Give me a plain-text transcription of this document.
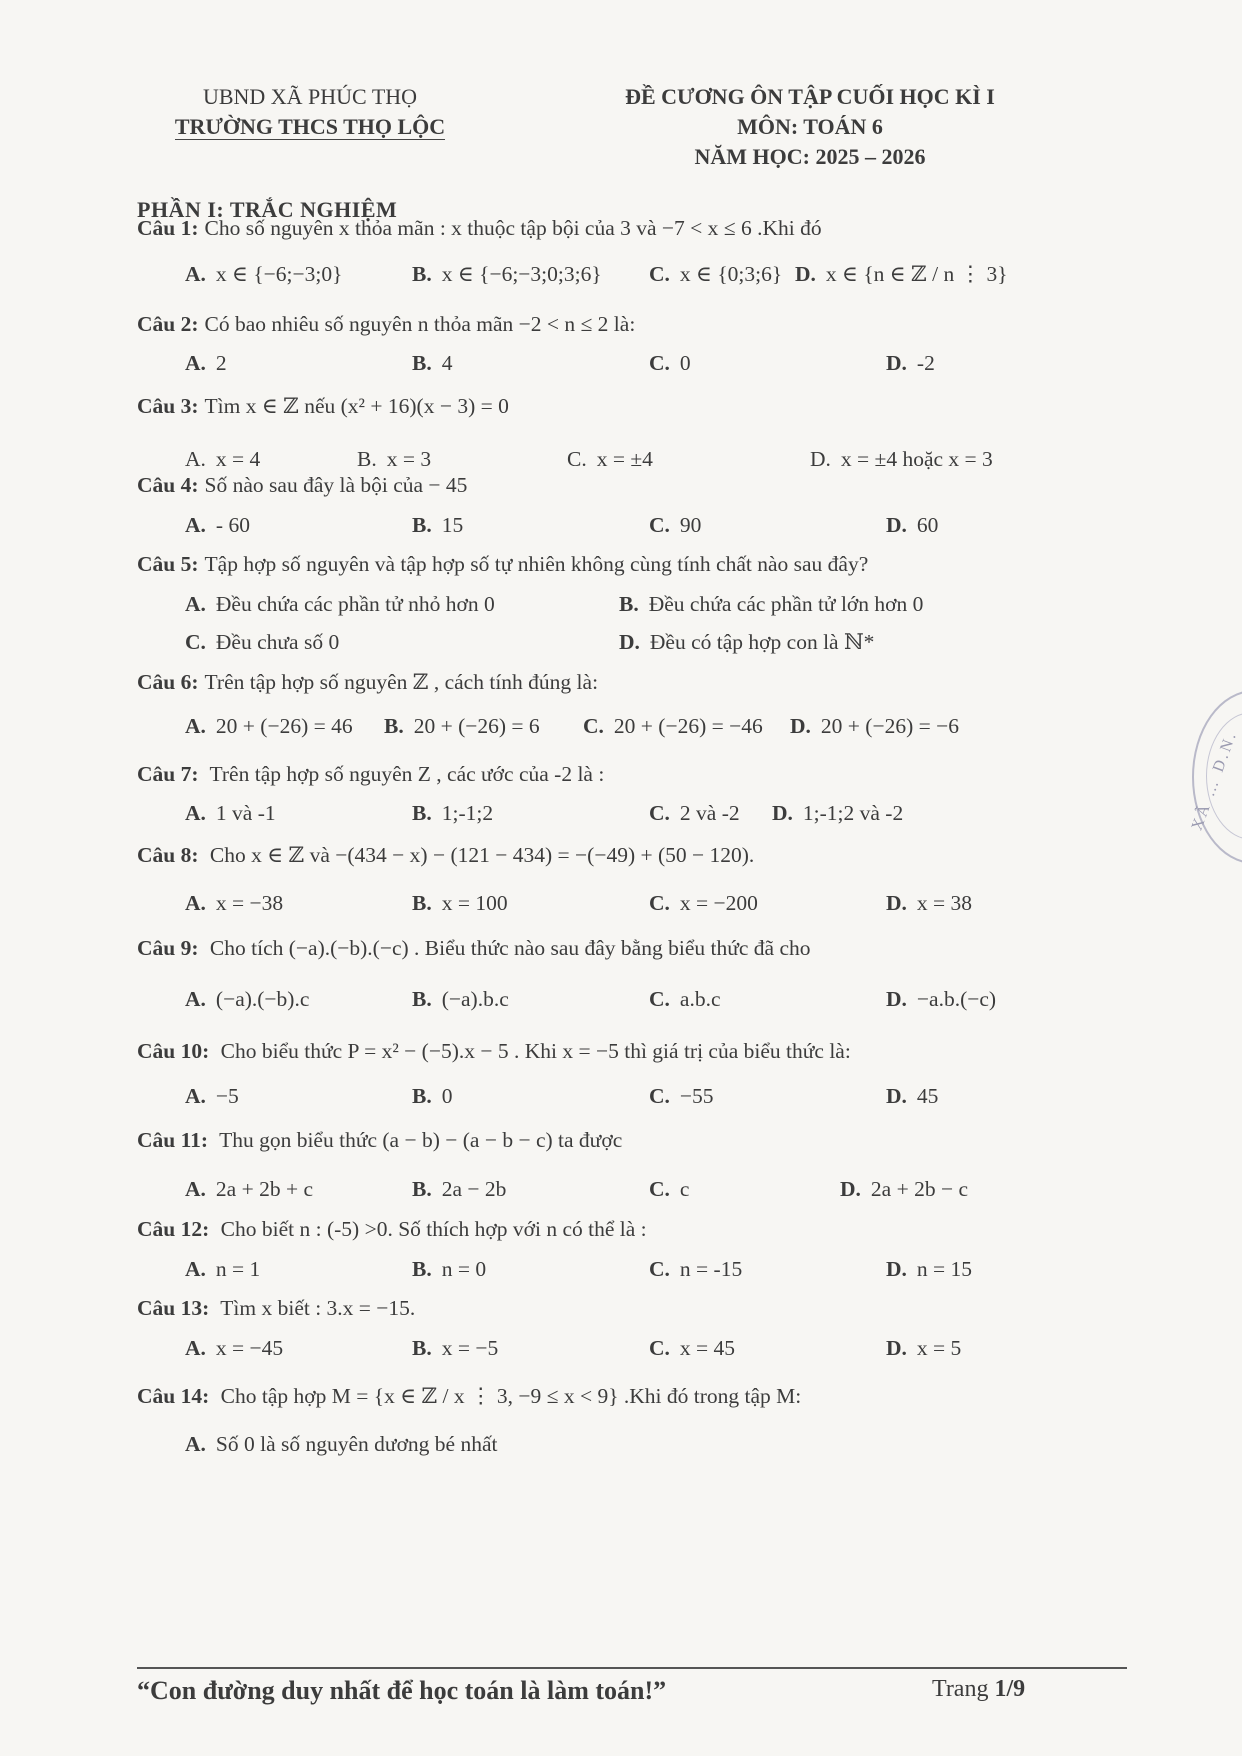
UBND XÃ PHÚC THỌ
TRƯỜNG THCS THỌ LỘC
ĐỀ CƯƠNG ÔN TẬP CUỐI HỌC KÌ I
MÔN: TOÁN 6
NĂM HỌC: 2025 – 2026
PHẦN I: TRẮC NGHIỆM
Câu 1: Cho số nguyên x thỏa mãn : x thuộc tập bội của 3 và −7 < x ≤ 6 .Khi đó
A. x ∈ {−6;−3;0}	B. x ∈ {−6;−3;0;3;6} C. x ∈ {0;3;6} D. x ∈ {n ∈ ℤ / n ⋮ 3}
Câu 2: Có bao nhiêu số nguyên n thỏa mãn −2 < n ≤ 2 là:
A. 2	B. 4	C. 0	D. -2
Câu 3: Tìm x ∈ ℤ nếu (x² + 16)(x − 3) = 0
A. x = 4	B. x = 3	C. x = ±4	D. x = ±4 hoặc x = 3
Câu 4: Số nào sau đây là bội của − 45
A. - 60	B. 15	C. 90	D. 60
Câu 5: Tập hợp số nguyên và tập hợp số tự nhiên không cùng tính chất nào sau đây?
A. Đều chứa các phần tử nhỏ hơn 0	B. Đều chứa các phần tử lớn hơn 0
C. Đều chưa số 0	D. Đều có tập hợp con là ℕ*
Câu 6: Trên tập hợp số nguyên ℤ , cách tính đúng là:
A. 20 + (−26) = 46 B. 20 + (−26) = 6 C. 20 + (−26) = −46 D. 20 + (−26) = −6
Câu 7: Trên tập hợp số nguyên Z , các ước của -2 là :
A. 1 và -1	B. 1;-1;2	C. 2 và -2 D. 1;-1;2 và -2
Câu 8: Cho x ∈ ℤ và −(434 − x) − (121 − 434) = −(−49) + (50 − 120).
A. x = −38	B. x = 100	C. x = −200	D. x = 38
Câu 9: Cho tích (−a).(−b).(−c) . Biểu thức nào sau đây bằng biểu thức đã cho
A. (−a).(−b).c	B. (−a).b.c	C. a.b.c	D. −a.b.(−c)
Câu 10: Cho biểu thức P = x² − (−5).x − 5 . Khi x = −5 thì giá trị của biểu thức là:
A. −5	B. 0	C. −55	D. 45
Câu 11: Thu gọn biểu thức (a − b) − (a − b − c) ta được
A. 2a + 2b + c	B. 2a − 2b	C. c	D. 2a + 2b − c
Câu 12: Cho biết n : (-5) >0. Số thích hợp với n có thể là :
A. n = 1	B. n = 0	C. n = -15	D. n = 15
Câu 13: Tìm x biết : 3.x = −15.
A. x = −45	B. x = −5	C. x = 45	D. x = 5
Câu 14: Cho tập hợp M = {x ∈ ℤ / x ⋮ 3, −9 ≤ x < 9} .Khi đó trong tập M:
A. Số 0 là số nguyên dương bé nhất
XÃ … D.N.
“Con đường duy nhất để học toán là làm toán!”	Trang 1/9
